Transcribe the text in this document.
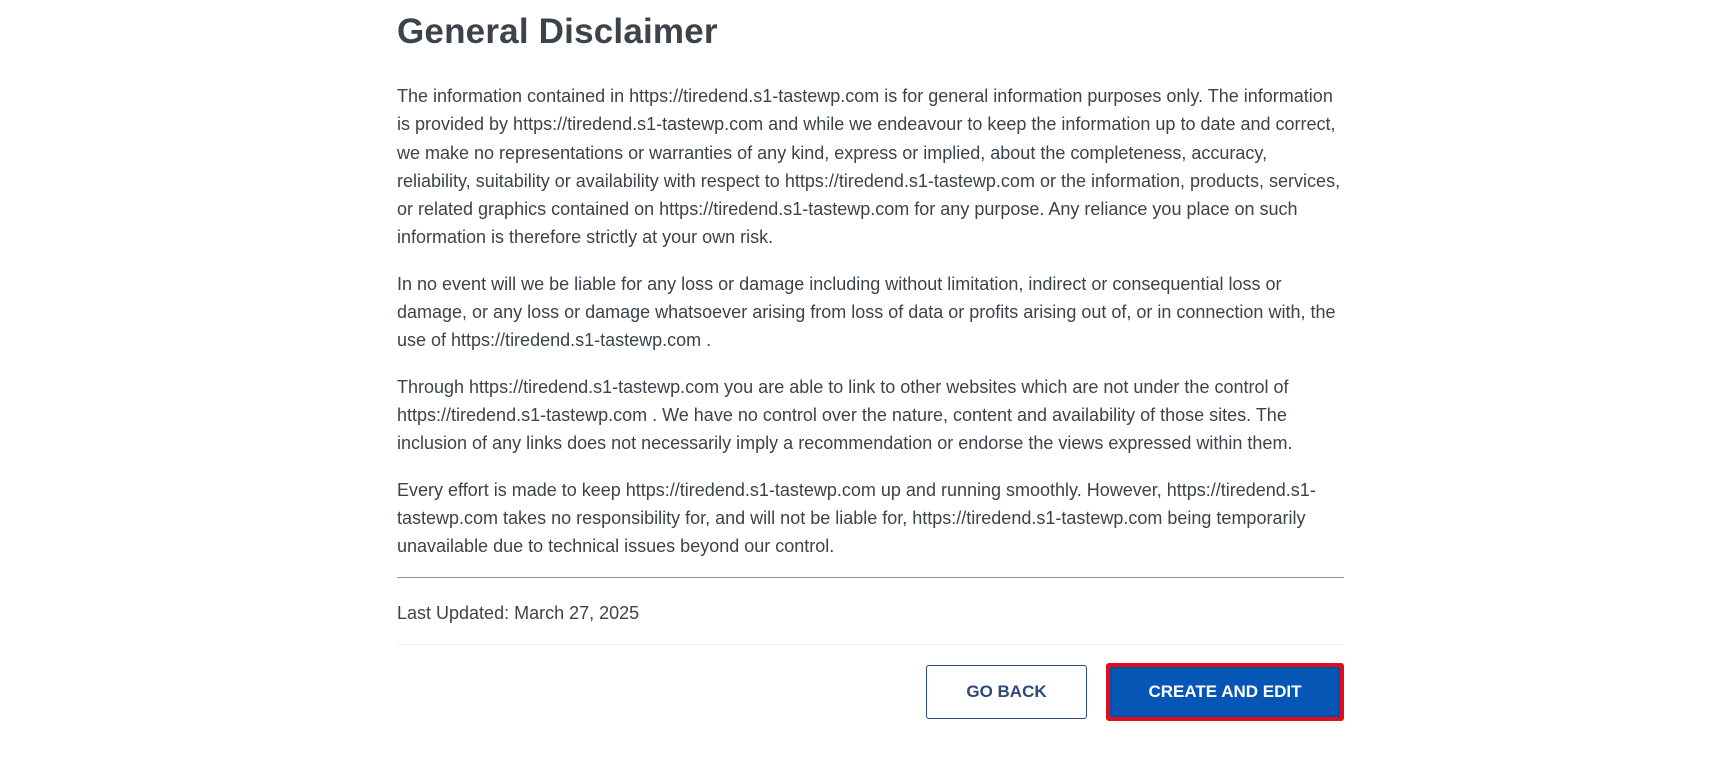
General Disclaimer

The information contained in https://tiredend.s1-tastewp.com is for general information purposes only. The information is provided by https://tiredend.s1-tastewp.com and while we endeavour to keep the information up to date and correct, we make no representations or warranties of any kind, express or implied, about the completeness, accuracy, reliability, suitability or availability with respect to https://tiredend.s1-tastewp.com or the information, products, services, or related graphics contained on https://tiredend.s1-tastewp.com for any purpose. Any reliance you place on such information is therefore strictly at your own risk.

In no event will we be liable for any loss or damage including without limitation, indirect or consequential loss or damage, or any loss or damage whatsoever arising from loss of data or profits arising out of, or in connection with, the use of https://tiredend.s1-tastewp.com .

Through https://tiredend.s1-tastewp.com you are able to link to other websites which are not under the control of https://tiredend.s1-tastewp.com . We have no control over the nature, content and availability of those sites. The inclusion of any links does not necessarily imply a recommendation or endorse the views expressed within them.

Every effort is made to keep https://tiredend.s1-tastewp.com up and running smoothly. However, https://tiredend.s1-tastewp.com takes no responsibility for, and will not be liable for, https://tiredend.s1-tastewp.com being temporarily unavailable due to technical issues beyond our control.

Last Updated: March 27, 2025
GO BACK	CREATE AND EDIT
